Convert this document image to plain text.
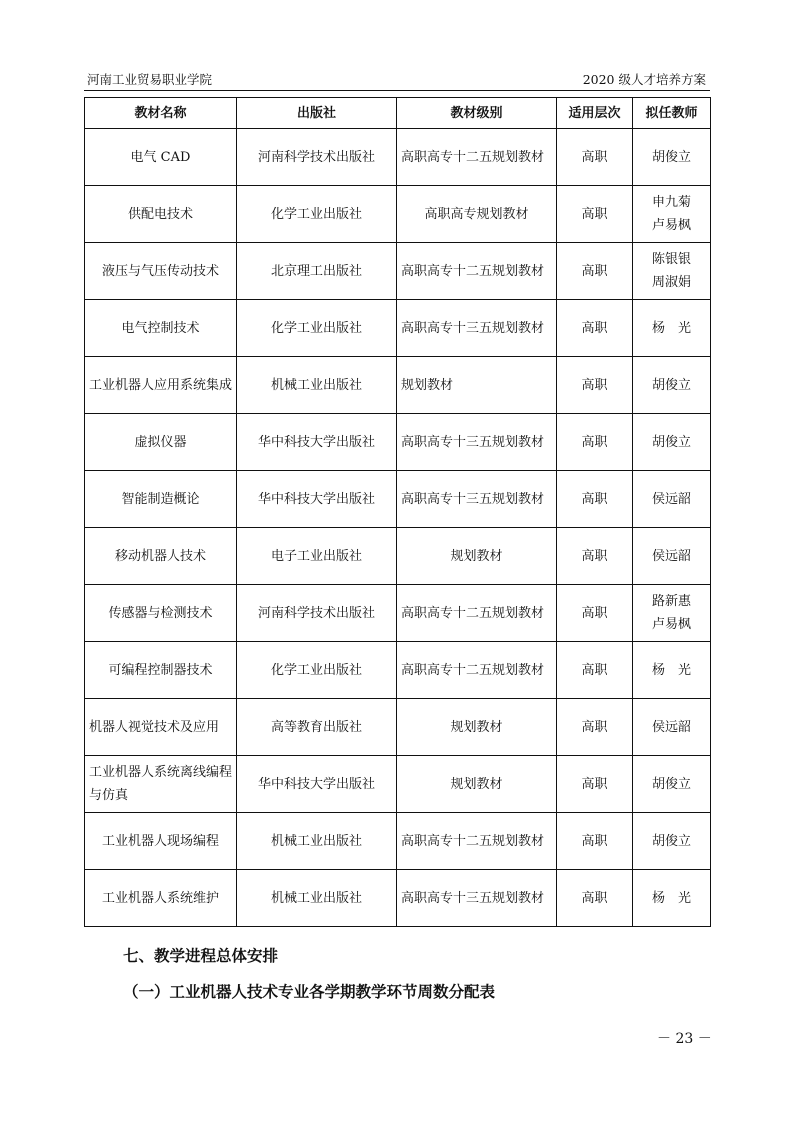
河南工业贸易职业学院	2020 级人才培养方案
教材名称	出版社	教材级别	适用层次	拟任教师
电气 CAD	河南科学技术出版社	高职高专十二五规划教材	高职	胡俊立

供配电技术	化学工业出版社	高职高专规划教材	高职	申九菊
卢易枫

液压与气压传动技术	北京理工出版社	高职高专十二五规划教材	高职	陈银银
周淑娟

电气控制技术	化学工业出版社	高职高专十三五规划教材	高职	杨　光

工业机器人应用系统集成	机械工业出版社	规划教材	高职	胡俊立

虚拟仪器	华中科技大学出版社	高职高专十三五规划教材	高职	胡俊立

智能制造概论	华中科技大学出版社	高职高专十三五规划教材	高职	侯远韶

移动机器人技术	电子工业出版社	规划教材	高职	侯远韶

传感器与检测技术	河南科学技术出版社	高职高专十二五规划教材	高职	路新惠
卢易枫

可编程控制器技术	化学工业出版社	高职高专十二五规划教材	高职	杨　光

机器人视觉技术及应用	高等教育出版社	规划教材	高职	侯远韶

工业机器人系统离线编程与仿真	华中科技大学出版社	规划教材	高职	胡俊立

工业机器人现场编程	机械工业出版社	高职高专十二五规划教材	高职	胡俊立

工业机器人系统维护	机械工业出版社	高职高专十三五规划教材	高职	杨　光
七、教学进程总体安排
（一）工业机器人技术专业各学期教学环节周数分配表
－ 23 －
